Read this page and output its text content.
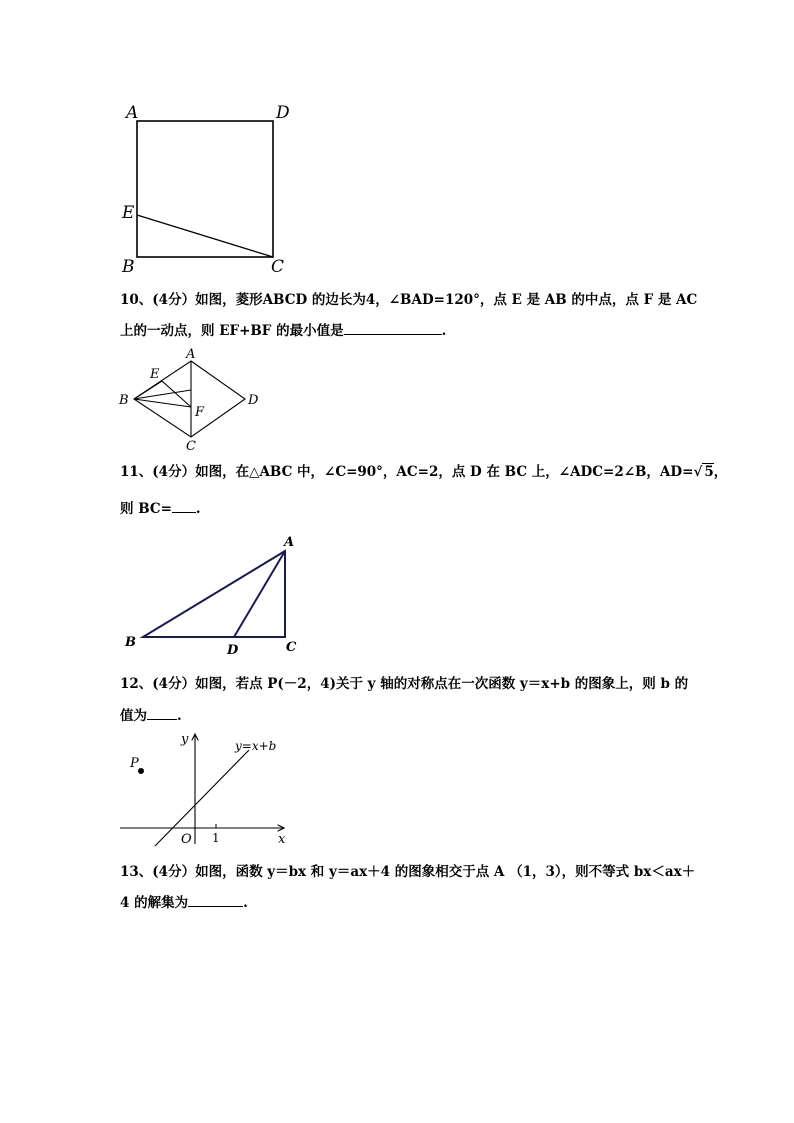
A	D
E
B	C
10、(4分）如图，菱形ABCD 的边长为4，∠BAD=120°，点 E 是 AB 的中点，点 F 是 AC
上的一动点，则 EF+BF 的最小值是	.
A
E
B
F
D
C
11、(4分）如图，在△ABC 中，∠C=90°，AC=2，点 D 在 BC 上，∠ADC=2∠B，AD=√ 5，
则 BC= .
A
B
D	C
12、(4分）如图，若点 P(－2，4)关于 y 轴的对称点在一次函数 y＝x+b 的图象上，则 b 的
值为 .
y	y=x+b
P
O 1	x
13、(4分）如图，函数 y＝bx 和 y＝ax＋4 的图象相交于点 A （1，3），则不等式 bx＜ax＋
4 的解集为	.
